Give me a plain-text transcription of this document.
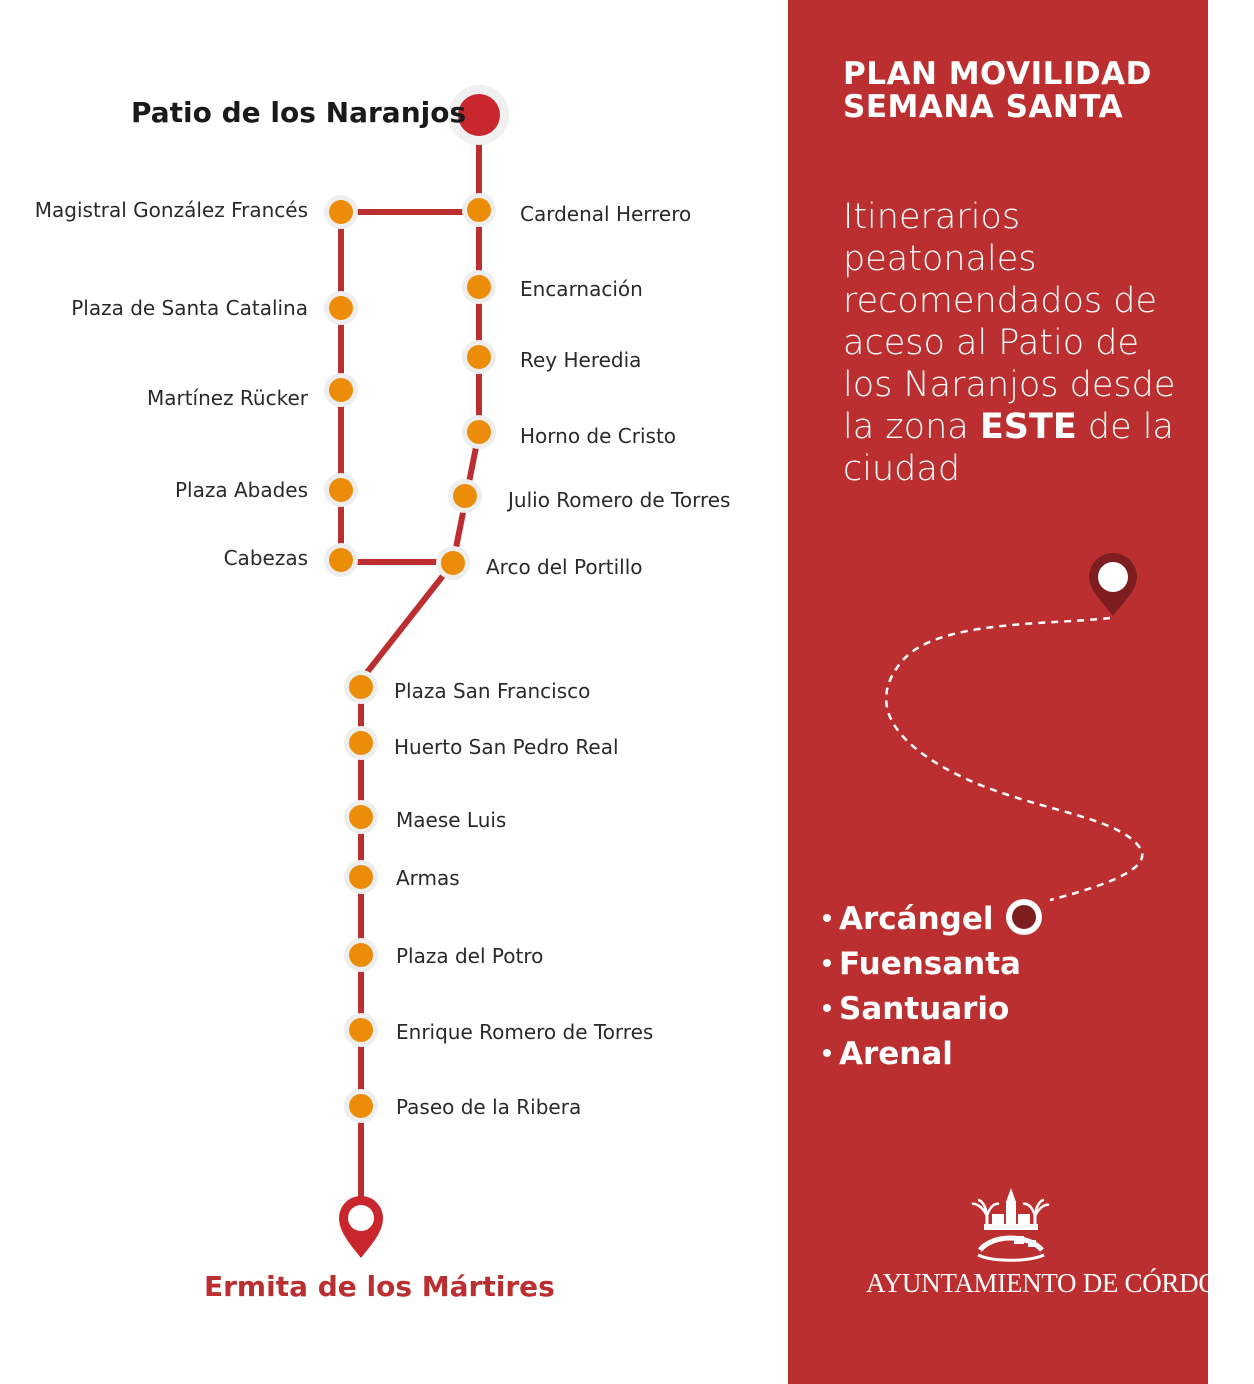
Patio de los Naranjos
Magistral González Francés
Plaza de Santa Catalina
Martínez Rücker
Plaza Abades
Cabezas
Cardenal Herrero
Encarnación
Rey Heredia
Horno de Cristo
Julio Romero de Torres
Arco del Portillo
Plaza San Francisco
Huerto San Pedro Real
Maese Luis
Armas
Plaza del Potro
Enrique Romero de Torres
Paseo de la Ribera
Ermita de los Mártires
PLAN MOVILIDAD
SEMANA SANTA
Itinerarios peatonales recomendados de aceso al Patio de los Naranjos desde la zona ESTE de la ciudad
Arcángel
Fuensanta
Santuario
Arenal
AYUNTAMIENTO DE CÓRDOBA
